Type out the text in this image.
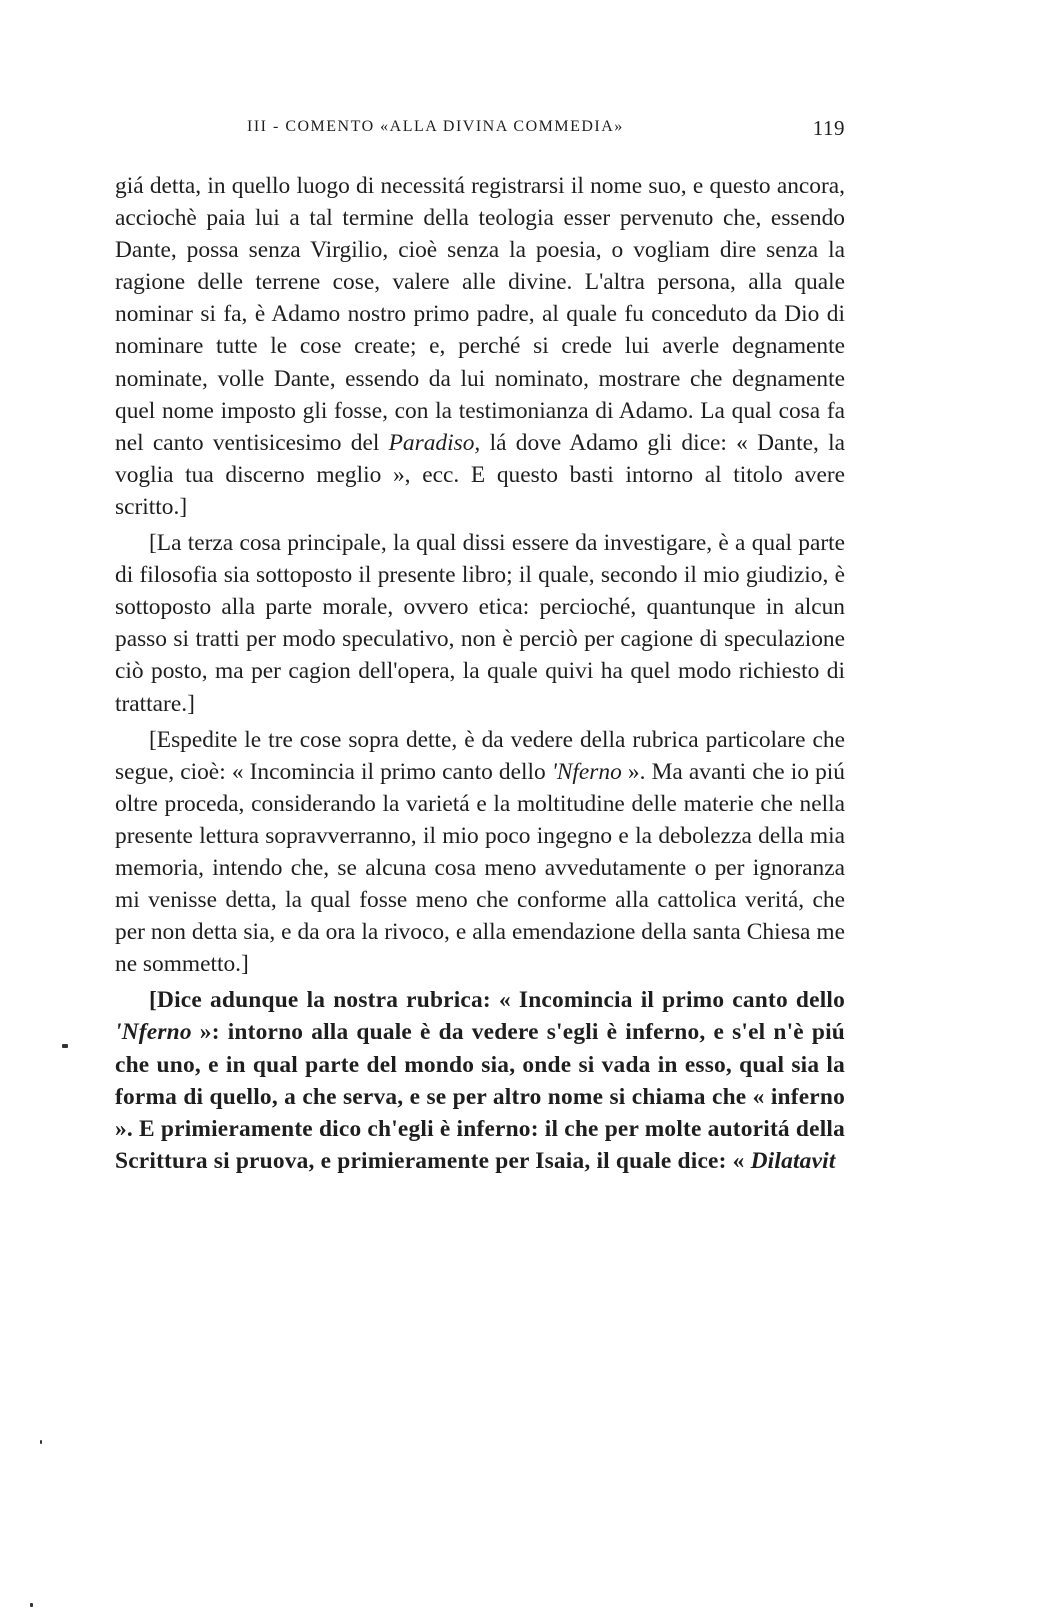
III - COMENTO «ALLA DIVINA COMMEDIA»	119

giá detta, in quello luogo di necessitá registrarsi il nome suo, e questo ancora, acciochè paia lui a tal termine della teologia esser pervenuto che, essendo Dante, possa senza Virgilio, cioè senza la poesia, o vogliam dire senza la ragione delle terrene cose, valere alle divine. L'altra persona, alla quale nominar si fa, è Adamo nostro primo padre, al quale fu conceduto da Dio di nominare tutte le cose create; e, perché si crede lui averle degnamente nominate, volle Dante, essendo da lui nominato, mostrare che degnamente quel nome imposto gli fosse, con la testimonianza di Adamo. La qual cosa fa nel canto ventisicesimo del Paradiso, lá dove Adamo gli dice: « Dante, la voglia tua discerno meglio », ecc. E questo basti intorno al titolo avere scritto.]

[La terza cosa principale, la qual dissi essere da investigare, è a qual parte di filosofia sia sottoposto il presente libro; il quale, secondo il mio giudizio, è sottoposto alla parte morale, ovvero etica: percioché, quantunque in alcun passo si tratti per modo speculativo, non è perciò per cagione di speculazione ciò posto, ma per cagion dell'opera, la quale quivi ha quel modo richiesto di trattare.]

[Espedite le tre cose sopra dette, è da vedere della rubrica particolare che segue, cioè: « Incomincia il primo canto dello 'Nferno ». Ma avanti che io piú oltre proceda, considerando la varietá e la moltitudine delle materie che nella presente lettura sopravverranno, il mio poco ingegno e la debolezza della mia memoria, intendo che, se alcuna cosa meno avvedutamente o per ignoranza mi venisse detta, la qual fosse meno che conforme alla cattolica veritá, che per non detta sia, e da ora la rivoco, e alla emendazione della santa Chiesa me ne sommetto.]

[Dice adunque la nostra rubrica: « Incomincia il primo canto dello 'Nferno »: intorno alla quale è da vedere s'egli è inferno, e s'el n'è piú che uno, e in qual parte del mondo sia, onde si vada in esso, qual sia la forma di quello, a che serva, e se per altro nome si chiama che « inferno ». E primieramente dico ch'egli è inferno: il che per molte autoritá della Scrittura si pruova, e primieramente per Isaia, il quale dice: « Dilatavit
